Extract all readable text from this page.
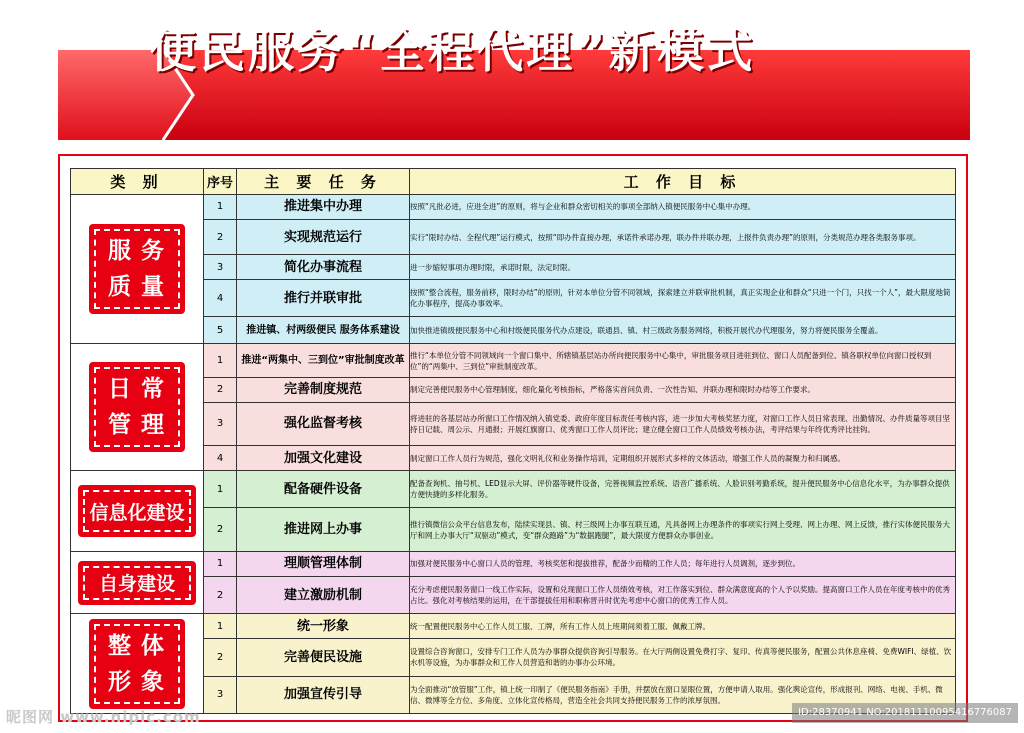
便民服务“全程代理”新模式
类 别	序号	主 要 任 务	工 作 目 标
服务质量	1	推进集中办理	按照“凡批必进，应进全进”的原则，将与企业和群众密切相关的事项全部纳入镇便民服务中心集中办理。
	2	实现规范运行	实行“限时办结、全程代理”运行模式，按照“即办件直接办理，承诺件承诺办理，联办件并联办理，上报件负责办理”的原则，分类规范办理各类服务事项。
	3	简化办事流程	进一步缩短事项办理时限，承诺时限，法定时限。
	4	推行并联审批	按照“整合流程，服务前移，限时办结”的原则，针对本单位分管不同领域，探索建立并联审批机制，真正实现企业和群众“只进一个门，只找一个人”，最大限度地简化办事程序，提高办事效率。
	5	推进镇、村两级便民 服务体系建设	加快推进镇级便民服务中心和村级便民服务代办点建设，联通县、镇、村三级政务服务网络，积极开展代办代理服务，努力将便民服务全覆盖。
日常管理	1	推进“两集中、三到位”审批制度改革	推行“本单位分管不同领域向一个窗口集中、所辖镇基层站办所向便民服务中心集中，审批服务项目进驻到位、窗口人员配备到位、镇各职权单位向窗口授权到位”的“两集中、三到位”审批制度改革。
	2	完善制度规范	制定完善便民服务中心管理制度，细化量化考核指标，严格落实首问负责、一次性告知、并联办理和限时办结等工作要求。
	3	强化监督考核	将进驻的各基层站办所窗口工作情况纳入镇党委、政府年度目标责任考核内容，进一步加大考核奖惩力度，对窗口工作人员日常表现、出勤情况、办件质量等项目坚持日记载、周公示、月通报；开展红旗窗口、优秀窗口工作人员评比；建立健全窗口工作人员绩效考核办法，考评结果与年终优秀评比挂钩。
	4	加强文化建设	制定窗口工作人员行为规范，强化文明礼仪和业务操作培训，定期组织开展形式多样的文体活动，增强工作人员的凝聚力和归属感。
信息化建设	1	配备硬件设备	配备查询机、抽号机、LED显示大屏、评价器等硬件设备，完善视频监控系统、语音广播系统、人脸识别考勤系统，提升便民服务中心信息化水平，为办事群众提供方便快捷的多样化服务。
	2	推进网上办事	推行镇微信公众平台信息发布，陆续实现县、镇、村三级网上办事互联互通，凡具备网上办理条件的事项实行网上受理、网上办理、网上反馈，推行实体便民服务大厅和网上办事大厅“双驱动”模式，变“群众跑路”为“数据跑腿”，最大限度方便群众办事创业。
自身建设	1	理顺管理体制	加强对便民服务中心窗口人员的管理、考核奖惩和提拔推荐，配备少而精的工作人员；每年进行人员调剂，逐步到位。
	2	建立激励机制	充分考虑便民服务窗口一线工作实际，设置和兑现窗口工作人员绩效考核，对工作落实到位、群众满意度高的个人予以奖励。提高窗口工作人员在年度考核中的优秀占比。强化对考核结果的运用，在干部提拔任用和职称晋升时优先考虑中心窗口的优秀工作人员。
整体形象	1	统一形象	统一配置便民服务中心工作人员工服、工牌，所有工作人员上班期间须着工服、佩戴工牌。
	2	完善便民设施	设置综合咨询窗口，安排专门工作人员为办事群众提供咨询引导服务。在大厅两侧设置免费打字、复印、传真等便民服务，配置公共休息座椅、免费WIFI、绿植、饮水机等设施，为办事群众和工作人员营造和谐的办事办公环境。
	3	加强宣传引导	为全面推动“放管服”工作，镇上统一印制了《便民服务指南》手册，并摆放在窗口显眼位置，方便申请人取用。强化舆论宣传，形成报刊、网络、电视、手机、微信、微博等全方位、多角度、立体化宣传格局，营造全社会共同支持便民服务工作的浓厚氛围。
昵图网 www.nipic.com	ID:28370941 NO:20181110095416776087
